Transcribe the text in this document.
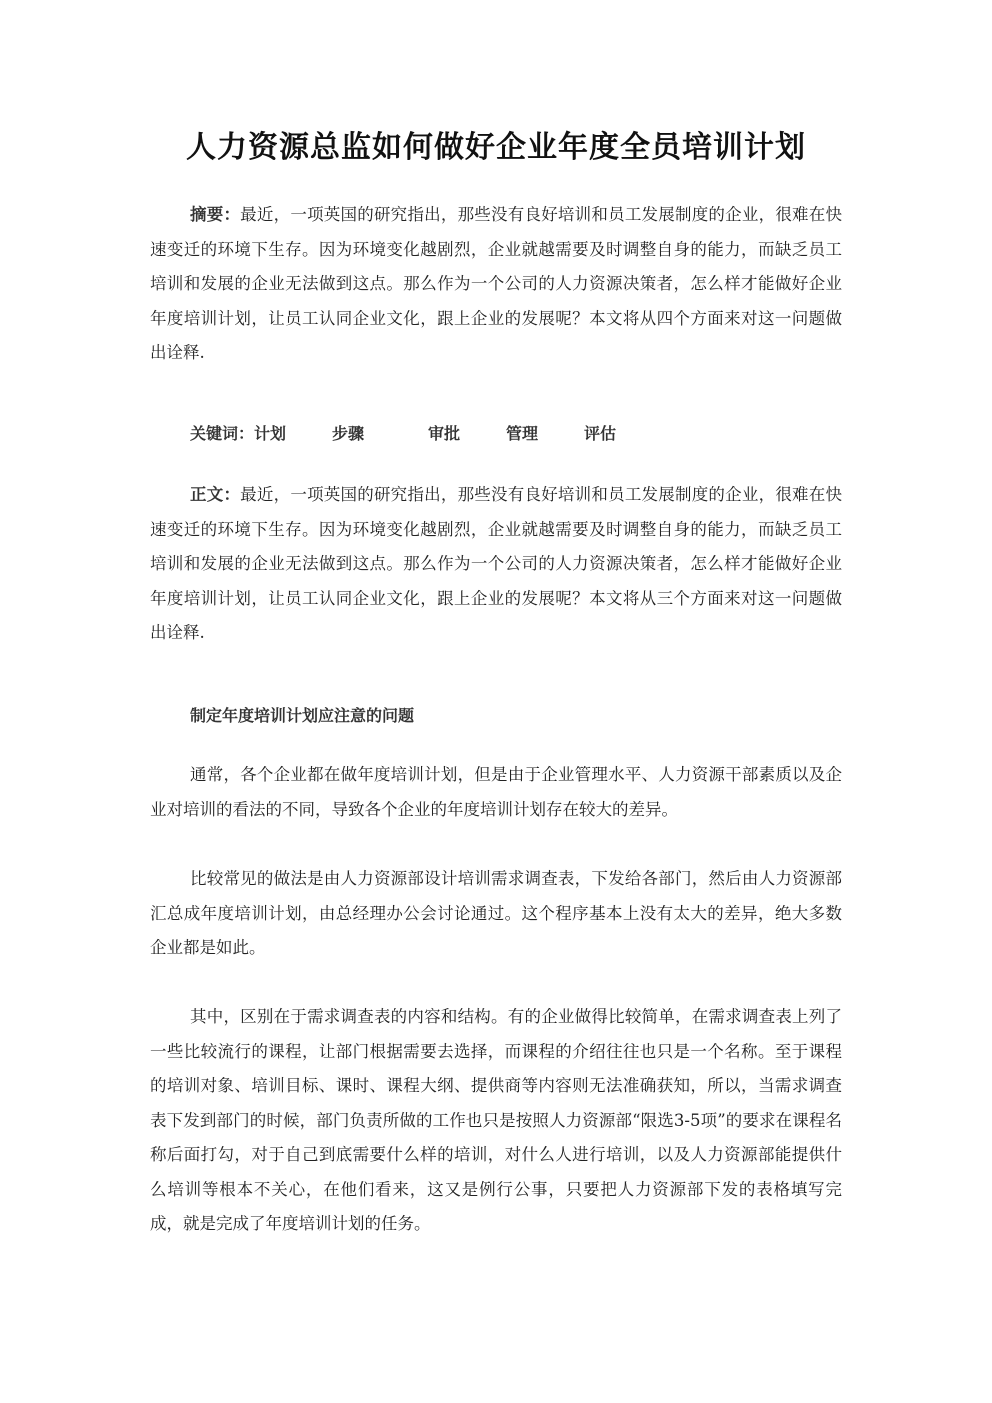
人力资源总监如何做好企业年度全员培训计划

摘要：最近，一项英国的研究指出，那些没有良好培训和员工发展制度的企业，很难在快速变迁的环境下生存。因为环境变化越剧烈，企业就越需要及时调整自身的能力，而缺乏员工培训和发展的企业无法做到这点。那么作为一个公司的人力资源决策者，怎么样才能做好企业年度培训计划，让员工认同企业文化，跟上企业的发展呢？本文将从四个方面来对这一问题做出诠释.

关键词：计划	步骤	审批	管理	评估

正文：最近，一项英国的研究指出，那些没有良好培训和员工发展制度的企业，很难在快速变迁的环境下生存。因为环境变化越剧烈，企业就越需要及时调整自身的能力，而缺乏员工培训和发展的企业无法做到这点。那么作为一个公司的人力资源决策者，怎么样才能做好企业年度培训计划，让员工认同企业文化，跟上企业的发展呢？本文将从三个方面来对这一问题做出诠释.

制定年度培训计划应注意的问题

通常，各个企业都在做年度培训计划，但是由于企业管理水平、人力资源干部素质以及企业对培训的看法的不同，导致各个企业的年度培训计划存在较大的差异。

比较常见的做法是由人力资源部设计培训需求调查表，下发给各部门，然后由人力资源部汇总成年度培训计划，由总经理办公会讨论通过。这个程序基本上没有太大的差异，绝大多数企业都是如此。

其中，区别在于需求调查表的内容和结构。有的企业做得比较简单，在需求调查表上列了一些比较流行的课程，让部门根据需要去选择，而课程的介绍往往也只是一个名称。至于课程的培训对象、培训目标、课时、课程大纲、提供商等内容则无法准确获知，所以，当需求调查表下发到部门的时候，部门负责所做的工作也只是按照人力资源部“限选3-5项”的要求在课程名称后面打勾，对于自己到底需要什么样的培训，对什么人进行培训，以及人力资源部能提供什么培训等根本不关心，在他们看来，这又是例行公事，只要把人力资源部下发的表格填写完成，就是完成了年度培训计划的任务。
